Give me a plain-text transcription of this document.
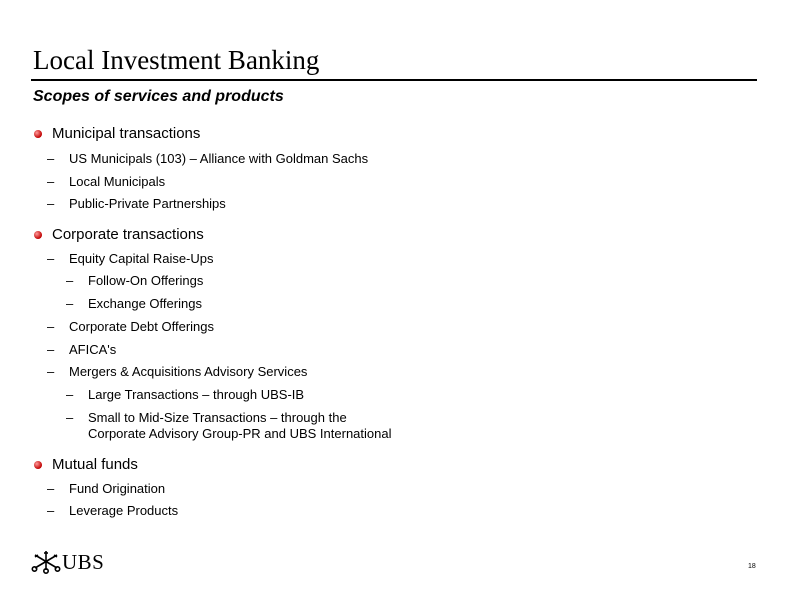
Local Investment Banking
Scopes of services and products
Municipal transactions
– US Municipals (103) – Alliance with Goldman Sachs
– Local Municipals
– Public-Private Partnerships
Corporate transactions
– Equity Capital Raise-Ups
– Follow-On Offerings
– Exchange Offerings
– Corporate Debt Offerings
– AFICA's
– Mergers & Acquisitions Advisory Services
– Large Transactions – through UBS-IB
– Small to Mid-Size Transactions – through the
Corporate Advisory Group-PR and UBS International
Mutual funds
– Fund Origination
– Leverage Products
UBS	18
